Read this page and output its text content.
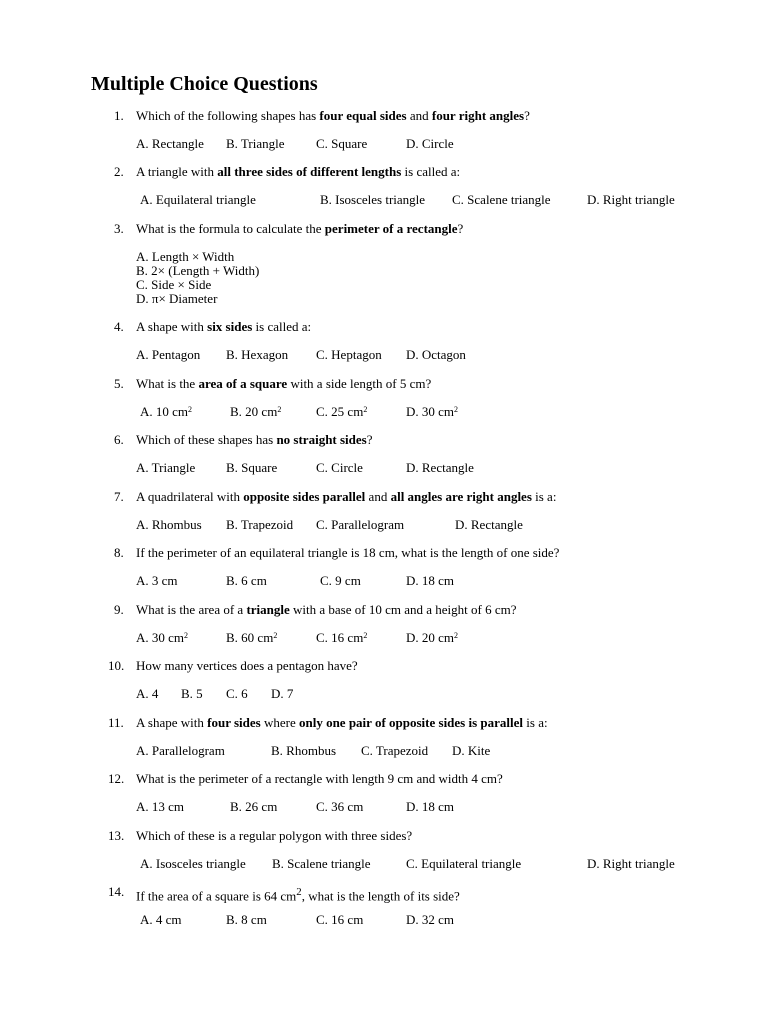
Multiple Choice Questions
1. Which of the following shapes has four equal sides and four right angles?
A. Rectangle B. Triangle C. Square	D. Circle
2. A triangle with all three sides of different lengths is called a:
A. Equilateral triangle	B. Isosceles triangle C. Scalene triangle	D. Right triangle
3. What is the formula to calculate the perimeter of a rectangle?
A. Length × Width
B. 2× (Length + Width)
C. Side × Side
D. π× Diameter
4. A shape with six sides is called a:
A. Pentagon B. Hexagon C. Heptagon D. Octagon
5. What is the area of a square with a side length of 5 cm?
A. 10 $cm^2$	B. 20 $cm^2$	C. 25 $cm^2$	D. 30 $cm^2$
6. Which of these shapes has no straight sides?
A. Triangle B. Square	C. Circle	D. Rectangle
7. A quadrilateral with opposite sides parallel and all angles are right angles is a:
A. Rhombus B. Trapezoid C. Parallelogram	D. Rectangle
8. If the perimeter of an equilateral triangle is 18 cm, what is the length of one side?
A. 3 cm	B. 6 cm	C. 9 cm	D. 18 cm
9. What is the area of a triangle with a base of 10 cm and a height of 6 cm?
A. 30 $cm^2$	B. 60 $cm^2$	C. 16 $cm^2$	D. 20 $cm^2$
10. How many vertices does a pentagon have?
A. 4 B. 5 C. 6 D. 7
11. A shape with four sides where only one pair of opposite sides is parallel is a:
A. Parallelogram	B. Rhombus C. Trapezoid D. Kite
12. What is the perimeter of a rectangle with length 9 cm and width 4 cm?
A. 13 cm	B. 26 cm	C. 36 cm	D. 18 cm
13. Which of these is a regular polygon with three sides?
A. Isosceles triangle B. Scalene triangle	C. Equilateral triangle	D. Right triangle
14. If the area of a square is 64 $cm^2$, what is the length of its side?
A. 4 cm	B. 8 cm	C. 16 cm	D. 32 cm
